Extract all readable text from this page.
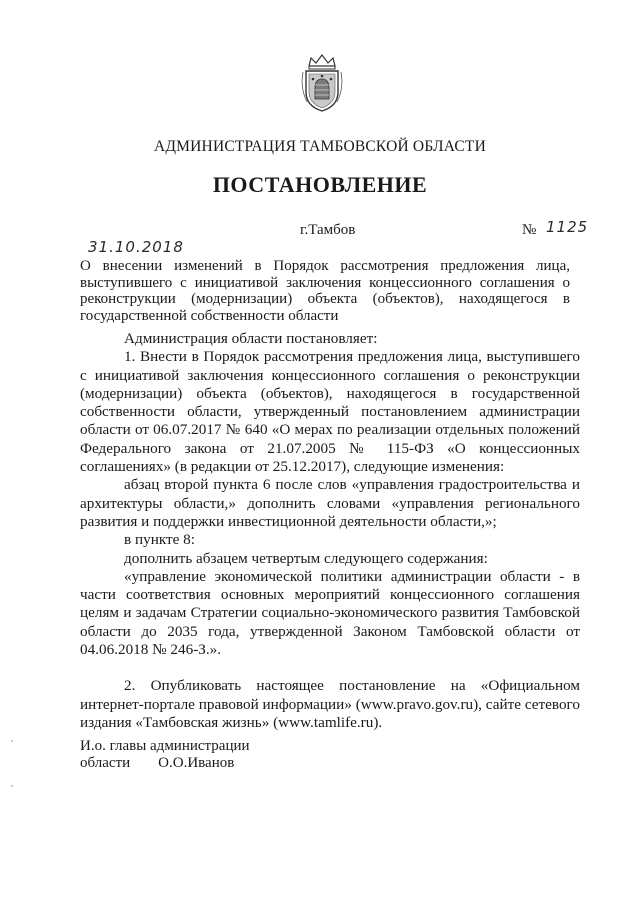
АДМИНИСТРАЦИЯ ТАМБОВСКОЙ ОБЛАСТИ
ПОСТАНОВЛЕНИЕ
31.10.2018
г.Тамбов	№ 1125

О внесении изменений в Порядок рассмотрения предложения лица, выступившего с инициативой заключения концессионного соглашения о реконструкции (модернизации) объекта (объектов), находящегося в государственной собственности области

Администрация области постановляет:

1. Внести в Порядок рассмотрения предложения лица, выступившего с инициативой заключения концессионного соглашения о реконструкции (модернизации) объекта (объектов), находящегося в государственной собственности области, утвержденный постановлением администрации области от 06.07.2017 № 640 «О мерах по реализации отдельных положений Федерального закона от 21.07.2005 № 115-ФЗ «О концессионных соглашениях» (в редакции от 25.12.2017), следующие изменения:

абзац второй пункта 6 после слов «управления градостроительства и архитектуры области,» дополнить словами «управления регионального развития и поддержки инвестиционной деятельности области,»;

в пункте 8:

дополнить абзацем четвертым следующего содержания:

«управление экономической политики администрации области - в части соответствия основных мероприятий концессионного соглашения целям и задачам Стратегии социально-экономического развития Тамбовской области до 2035 года, утвержденной Законом Тамбовской области от 04.06.2018 № 246-З.».

2. Опубликовать настоящее постановление на «Официальном интернет-портале правовой информации» (www.pravo.gov.ru), сайте сетевого издания «Тамбовская жизнь» (www.tamlife.ru).

И.о. главы администрации
области О.О.Иванов
